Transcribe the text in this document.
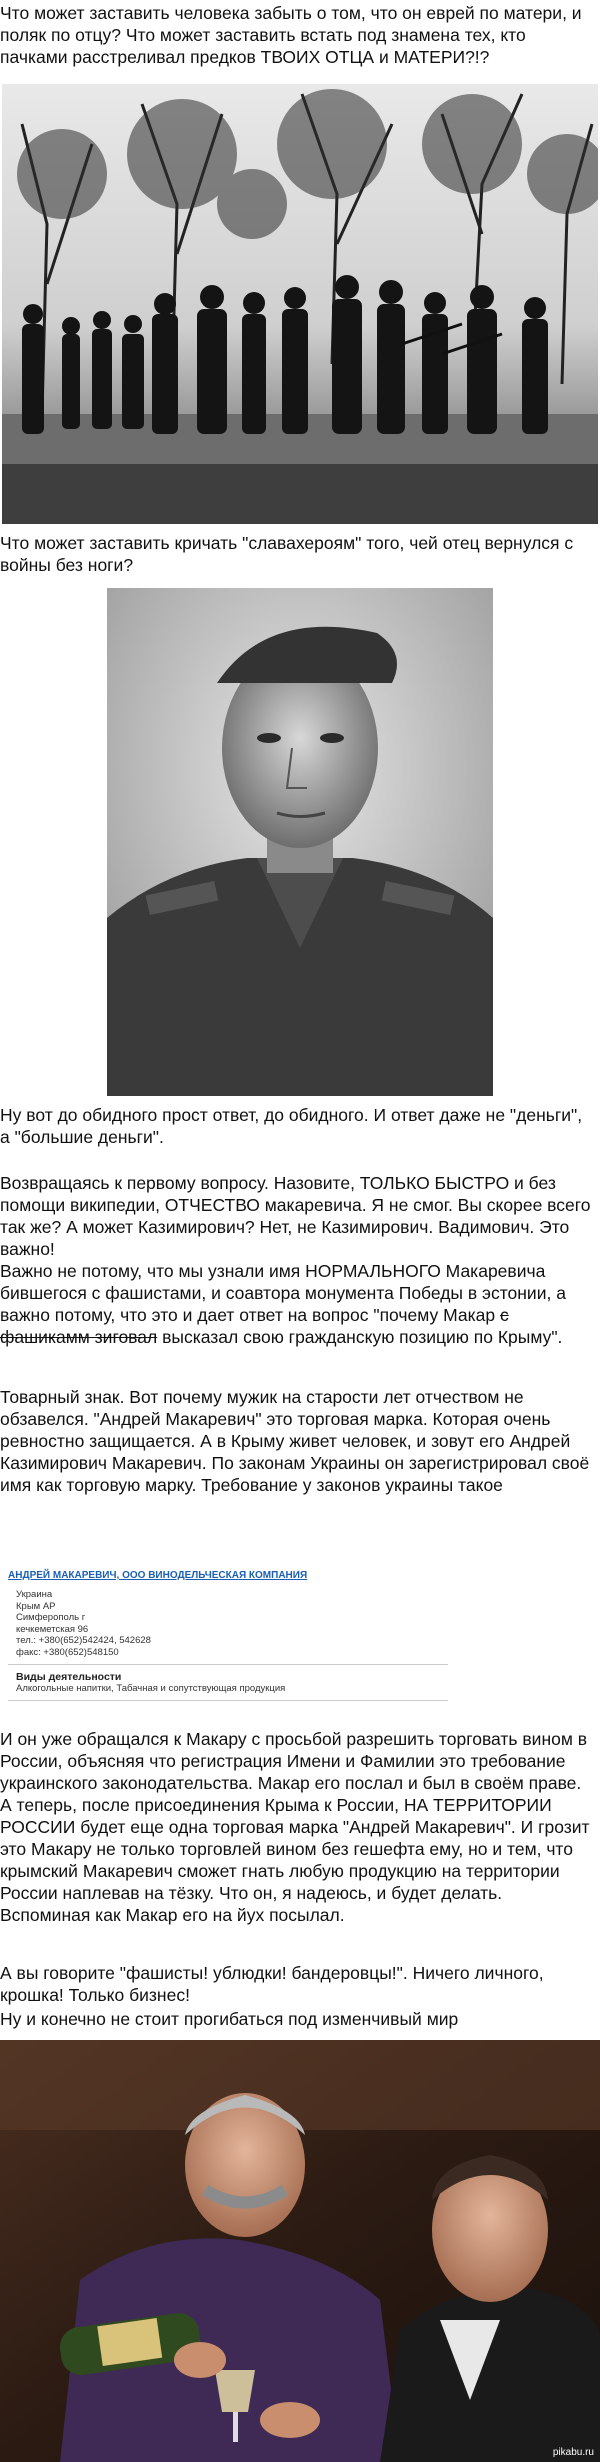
Что может заставить человека забыть о том, что он еврей по матери, и поляк по отцу? Что может заставить встать под знамена тех, кто пачками расстреливал предков ТВОИХ ОТЦА и МАТЕРИ?!?

Что может заставить кричать "славахероям" того, чей отец вернулся с войны без ноги?

Ну вот до обидного прост ответ, до обидного. И ответ даже не "деньги", а "большие деньги".

Возвращаясь к первому вопросу. Назовите, ТОЛЬКО БЫСТРО и без помощи википедии, ОТЧЕСТВО макаревича. Я не смог. Вы скорее всего так же? А может Казимирович? Нет, не Казимирович. Вадимович. Это важно!

Важно не потому, что мы узнали имя НОРМАЛЬНОГО Макаревича бившегося с фашистами, и соавтора монумента Победы в эстонии, а важно потому, что это и дает ответ на вопрос "почему Макар с фашикамм зиговал высказал свою гражданскую позицию по Крыму".

Товарный знак. Вот почему мужик на старости лет отчеством не обзавелся. "Андрей Макаревич" это торговая марка. Которая очень ревностно защищается. А в Крыму живет человек, и зовут его Андрей Казимирович Макаревич. По законам Украины он зарегистрировал своё имя как торговую марку. Требование у законов украины такое

АНДРЕЙ МАКАРЕВИЧ, ООО ВИНОДЕЛЬЧЕСКАЯ КОМПАНИЯ
Украина
Крым АР
Симферополь г
кечкеметская 96
тел.: +380(652)542424, 542628
факс: +380(652)548150
Виды деятельности
Алкогольные напитки, Табачная и сопутствующая продукция

И он уже обращался к Макару с просьбой разрешить торговать вином в России, объясняя что регистрация Имени и Фамилии это требование украинского законодательства. Макар его послал и был в своём праве. А теперь, после присоединения Крыма к России, НА ТЕРРИТОРИИ РОССИИ будет еще одна торговая марка "Андрей Макаревич". И грозит это Макару не только торговлей вином без гешефта ему, но и тем, что крымский Макаревич сможет гнать любую продукцию на территории России наплевав на тёзку. Что он, я надеюсь, и будет делать. Вспоминая как Макар его на йух посылал.

А вы говорите "фашисты! ублюдки! бандеровцы!". Ничего личного, крошка! Только бизнес!

Ну и конечно не стоит прогибаться под изменчивый мир

pikabu.ru
